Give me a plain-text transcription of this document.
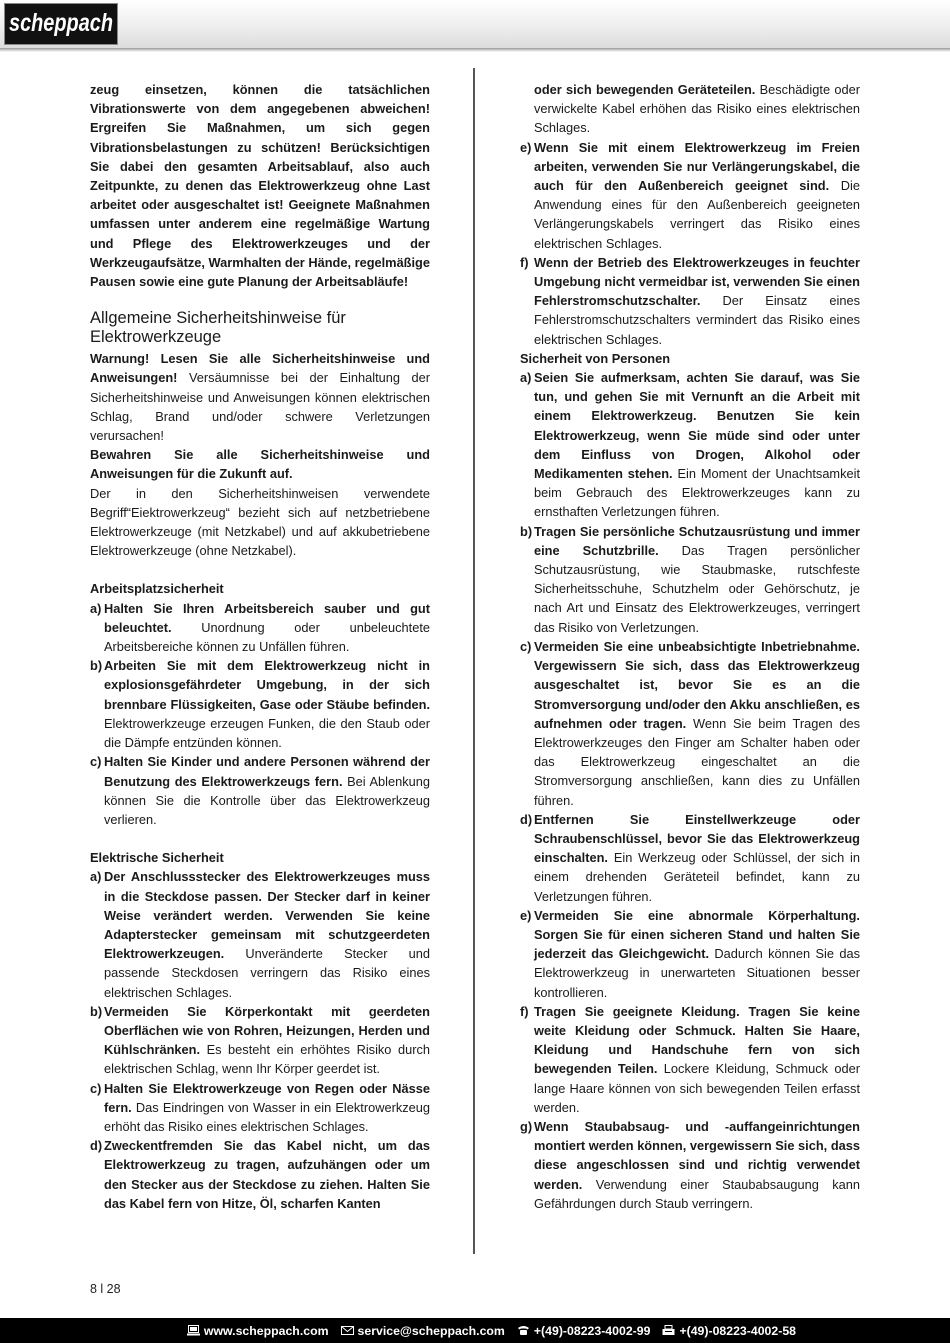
scheppach

zeug einsetzen, können die tatsächlichen Vibrationswerte von dem angegebenen abweichen! Ergreifen Sie Maßnahmen, um sich gegen Vibrationsbelastungen zu schützen! Berücksichtigen Sie dabei den gesamten Arbeitsablauf, also auch Zeitpunkte, zu denen das Elektrowerkzeug ohne Last arbeitet oder ausgeschaltet ist! Geeignete Maßnahmen umfassen unter anderem eine regelmäßige Wartung und Pflege des Elektrowerkzeuges und der Werkzeugaufsätze, Warmhalten der Hände, regelmäßige Pausen sowie eine gute Planung der Arbeitsabläufe!

Allgemeine Sicherheitshinweise für Elektrowerkzeuge

Warnung! Lesen Sie alle Sicherheitshinweise und Anweisungen! Versäumnisse bei der Einhaltung der Sicherheitshinweise und Anweisungen können elektrischen Schlag, Brand und/oder schwere Verletzungen verursachen!

Bewahren Sie alle Sicherheitshinweise und Anweisungen für die Zukunft auf.

Der in den Sicherheitshinweisen verwendete Begriff“Eiektrowerkzeug“ bezieht sich auf netzbetriebene Elektrowerkzeuge (mit Netzkabel) und auf akkubetriebene Elektrowerkzeuge (ohne Netzkabel).

Arbeitsplatzsicherheit

a) Halten Sie Ihren Arbeitsbereich sauber und gut beleuchtet. Unordnung oder unbeleuchtete Arbeitsbereiche können zu Unfällen führen.
b) Arbeiten Sie mit dem Elektrowerkzeug nicht in explosionsgefährdeter Umgebung, in der sich brennbare Flüssigkeiten, Gase oder Stäube befinden. Elektrowerkzeuge erzeugen Funken, die den Staub oder die Dämpfe entzünden können.
c) Halten Sie Kinder und andere Personen während der Benutzung des Elektrowerkzeugs fern. Bei Ablenkung können Sie die Kontrolle über das Elektrowerkzeug verlieren.

Elektrische Sicherheit

a) Der Anschlussstecker des Elektrowerkzeuges muss in die Steckdose passen. Der Stecker darf in keiner Weise verändert werden. Verwenden Sie keine Adapterstecker gemeinsam mit schutzgeerdeten Elektrowerkzeugen. Unveränderte Stecker und passende Steckdosen verringern das Risiko eines elektrischen Schlages.
b) Vermeiden Sie Körperkontakt mit geerdeten Oberflächen wie von Rohren, Heizungen, Herden und Kühlschränken. Es besteht ein erhöhtes Risiko durch elektrischen Schlag, wenn Ihr Körper geerdet ist.
c) Halten Sie Elektrowerkzeuge von Regen oder Nässe fern. Das Eindringen von Wasser in ein Elektrowerkzeug erhöht das Risiko eines elektrischen Schlages.
d) Zweckentfremden Sie das Kabel nicht, um das Elektrowerkzeug zu tragen, aufzuhängen oder um den Stecker aus der Steckdose zu ziehen. Halten Sie das Kabel fern von Hitze, Öl, scharfen Kanten
oder sich bewegenden Geräteteilen. Beschädigte oder verwickelte Kabel erhöhen das Risiko eines elektrischen Schlages.
e) Wenn Sie mit einem Elektrowerkzeug im Freien arbeiten, verwenden Sie nur Verlängerungskabel, die auch für den Außenbereich geeignet sind. Die Anwendung eines für den Außenbereich geeigneten Verlängerungskabels verringert das Risiko eines elektrischen Schlages.
f) Wenn der Betrieb des Elektrowerkzeuges in feuchter Umgebung nicht vermeidbar ist, verwenden Sie einen Fehlerstromschutzschalter. Der Einsatz eines Fehlerstromschutzschalters vermindert das Risiko eines elektrischen Schlages.

Sicherheit von Personen

a) Seien Sie aufmerksam, achten Sie darauf, was Sie tun, und gehen Sie mit Vernunft an die Arbeit mit einem Elektrowerkzeug. Benutzen Sie kein Elektrowerkzeug, wenn Sie müde sind oder unter dem Einfluss von Drogen, Alkohol oder Medikamenten stehen. Ein Moment der Unachtsamkeit beim Gebrauch des Elektrowerkzeuges kann zu ernsthaften Verletzungen führen.
b) Tragen Sie persönliche Schutzausrüstung und immer eine Schutzbrille. Das Tragen persönlicher Schutzausrüstung, wie Staubmaske, rutschfeste Sicherheitsschuhe, Schutzhelm oder Gehörschutz, je nach Art und Einsatz des Elektrowerkzeuges, verringert das Risiko von Verletzungen.
c) Vermeiden Sie eine unbeabsichtigte Inbetriebnahme. Vergewissern Sie sich, dass das Elektrowerkzeug ausgeschaltet ist, bevor Sie es an die Stromversorgung und/oder den Akku anschließen, es aufnehmen oder tragen. Wenn Sie beim Tragen des Elektrowerkzeuges den Finger am Schalter haben oder das Elektrowerkzeug eingeschaltet an die Stromversorgung anschließen, kann dies zu Unfällen führen.
d) Entfernen Sie Einstellwerkzeuge oder Schraubenschlüssel, bevor Sie das Elektrowerkzeug einschalten. Ein Werkzeug oder Schlüssel, der sich in einem drehenden Geräteteil befindet, kann zu Verletzungen führen.
e) Vermeiden Sie eine abnormale Körperhaltung. Sorgen Sie für einen sicheren Stand und halten Sie jederzeit das Gleichgewicht. Dadurch können Sie das Elektrowerkzeug in unerwarteten Situationen besser kontrollieren.
f) Tragen Sie geeignete Kleidung. Tragen Sie keine weite Kleidung oder Schmuck. Halten Sie Haare, Kleidung und Handschuhe fern von sich bewegenden Teilen. Lockere Kleidung, Schmuck oder lange Haare können von sich bewegenden Teilen erfasst werden.
g) Wenn Staubabsaug- und -auffangeinrichtungen montiert werden können, vergewissern Sie sich, dass diese angeschlossen sind und richtig verwendet werden. Verwendung einer Staubabsaugung kann Gefährdungen durch Staub verringern.
8 l 28
www.scheppach.com service@scheppach.com +(49)-08223-4002-99 +(49)-08223-4002-58
